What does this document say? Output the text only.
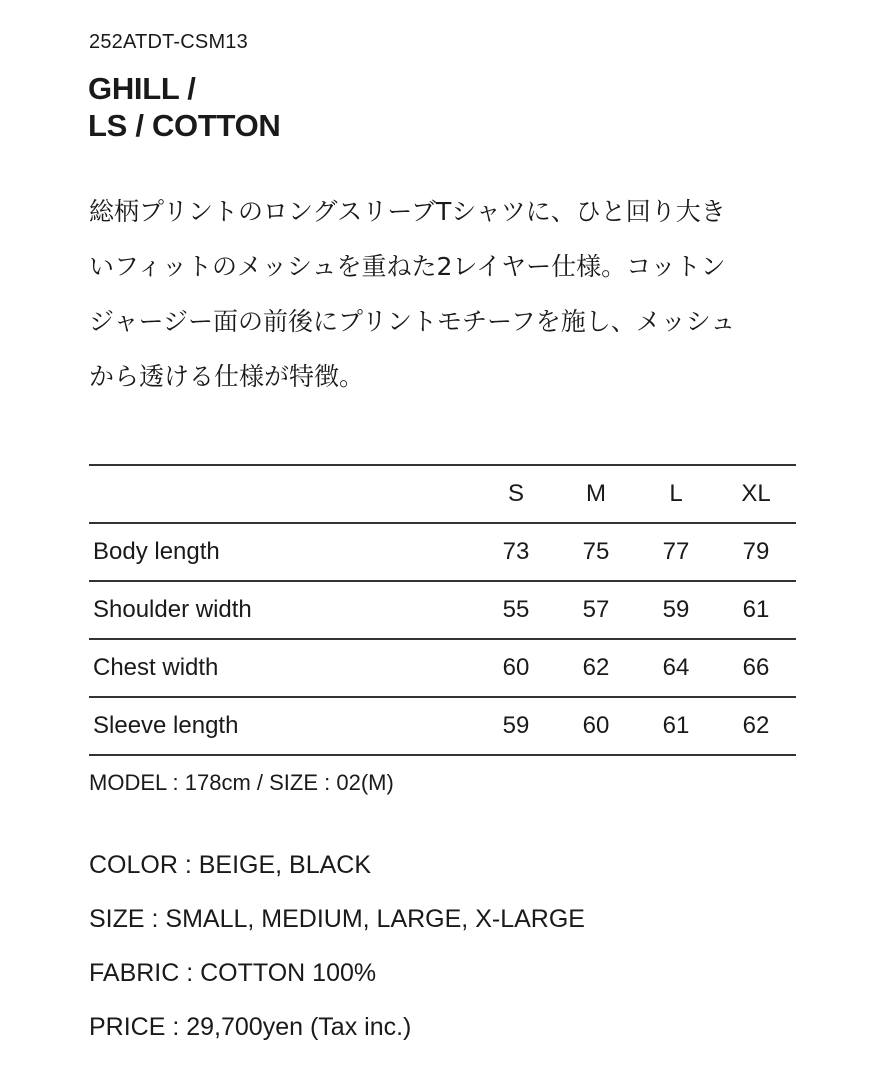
252ATDT-CSM13
GHILL /
LS / COTTON
総柄プリントのロングスリーブTシャツに、ひと回り大き
いフィットのメッシュを重ねた2レイヤー仕様。コットン
ジャージー面の前後にプリントモチーフを施し、メッシュ
から透ける仕様が特徴。
	S	M	L	XL
Body length	73	75	77	79
Shoulder width	55	57	59	61
Chest width	60	62	64	66
Sleeve length	59	60	61	62
MODEL : 178cm / SIZE : 02(M)
COLOR : BEIGE, BLACK
SIZE : SMALL, MEDIUM, LARGE, X-LARGE
FABRIC : COTTON 100%
PRICE : 29,700yen (Tax inc.)
